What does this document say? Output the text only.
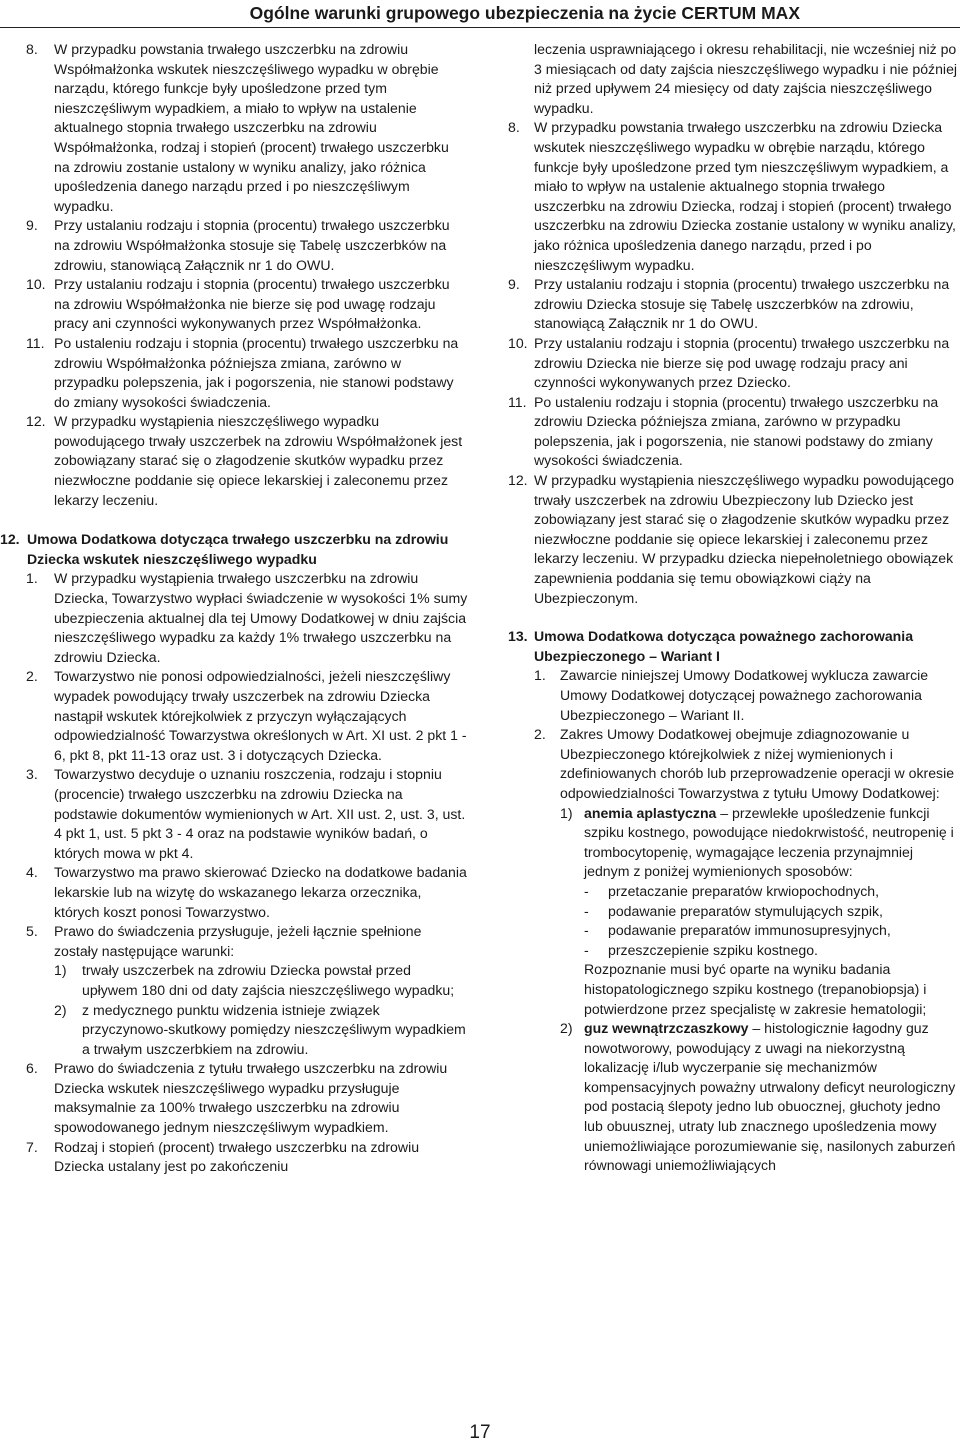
Ogólne warunki grupowego ubezpieczenia na życie CERTUM MAX
8.	W przypadku powstania trwałego uszczerbku na zdrowiu Współmałżonka wskutek nieszczęśliwego wypadku w obrębie narządu, którego funkcje były upośledzone przed tym nieszczęśliwym wypadkiem, a miało to wpływ na ustalenie aktualnego stopnia trwałego uszczerbku na zdrowiu Współmałżonka, rodzaj i stopień (procent) trwałego uszczerbku na zdrowiu zostanie ustalony w wyniku analizy, jako różnica upośledzenia danego narządu przed i po nieszczęśliwym wypadku.
9.	Przy ustalaniu rodzaju i stopnia (procentu) trwałego uszczerbku na zdrowiu Współmałżonka stosuje się Tabelę uszczerbków na zdrowiu, stanowiącą Załącznik nr 1 do OWU.
10. Przy ustalaniu rodzaju i stopnia (procentu) trwałego uszczerbku na zdrowiu Współmałżonka nie bierze się pod uwagę rodzaju pracy ani czynności wykonywanych przez Współmałżonka.
11. Po ustaleniu rodzaju i stopnia (procentu) trwałego uszczerbku na zdrowiu Współmałżonka późniejsza zmiana, zarówno w przypadku polepszenia, jak i pogorszenia, nie stanowi podstawy do zmiany wysokości świadczenia.
12. W przypadku wystąpienia nieszczęśliwego wypadku powodującego trwały uszczerbek na zdrowiu Współmałżonek jest zobowiązany starać się o złagodzenie skutków wypadku przez niezwłoczne poddanie się opiece lekarskiej i zaleconemu przez lekarzy leczeniu.
12. Umowa Dodatkowa dotycząca trwałego uszczerbku na zdrowiu Dziecka wskutek nieszczęśliwego wypadku
1.	W przypadku wystąpienia trwałego uszczerbku na zdrowiu Dziecka, Towarzystwo wypłaci świadczenie w wysokości 1% sumy ubezpieczenia aktualnej dla tej Umowy Dodatkowej w dniu zajścia nieszczęśliwego wypadku za każdy 1% trwałego uszczerbku na zdrowiu Dziecka.
2.	Towarzystwo nie ponosi odpowiedzialności, jeżeli nieszczęśliwy wypadek powodujący trwały uszczerbek na zdrowiu Dziecka nastąpił wskutek którejkolwiek z przyczyn wyłączających odpowiedzialność Towarzystwa określonych w Art. XI ust. 2 pkt 1 - 6, pkt 8, pkt 11-13 oraz ust. 3 i dotyczących Dziecka.
3.	Towarzystwo decyduje o uznaniu roszczenia, rodzaju i stopniu (procencie) trwałego uszczerbku na zdrowiu Dziecka na podstawie dokumentów wymienionych w Art. XII ust. 2, ust. 3, ust. 4 pkt 1, ust. 5 pkt 3 - 4 oraz na podstawie wyników badań, o których mowa w pkt 4.
4.	Towarzystwo ma prawo skierować Dziecko na dodatkowe badania lekarskie lub na wizytę do wskazanego lekarza orzecznika, których koszt ponosi Towarzystwo.
5.	Prawo do świadczenia przysługuje, jeżeli łącznie spełnione zostały następujące warunki:
1)	trwały uszczerbek na zdrowiu Dziecka powstał przed upływem 180 dni od daty zajścia nieszczęśliwego wypadku;
2)	z medycznego punktu widzenia istnieje związek przyczynowo-skutkowy pomiędzy nieszczęśliwym wypadkiem a trwałym uszczerbkiem na zdrowiu.
6.	Prawo do świadczenia z tytułu trwałego uszczerbku na zdrowiu Dziecka wskutek nieszczęśliwego wypadku przysługuje maksymalnie za 100% trwałego uszczerbku na zdrowiu spowodowanego jednym nieszczęśliwym wypadkiem.
7.	Rodzaj i stopień (procent) trwałego uszczerbku na zdrowiu Dziecka ustalany jest po zakończeniu
leczenia usprawniającego i okresu rehabilitacji, nie wcześniej niż po 3 miesiącach od daty zajścia nieszczęśliwego wypadku i nie później niż przed upływem 24 miesięcy od daty zajścia nieszczęśliwego wypadku.
8.	W przypadku powstania trwałego uszczerbku na zdrowiu Dziecka wskutek nieszczęśliwego wypadku w obrębie narządu, którego funkcje były upośledzone przed tym nieszczęśliwym wypadkiem, a miało to wpływ na ustalenie aktualnego stopnia trwałego uszczerbku na zdrowiu Dziecka, rodzaj i stopień (procent) trwałego uszczerbku na zdrowiu Dziecka zostanie ustalony w wyniku analizy, jako różnica upośledzenia danego narządu, przed i po nieszczęśliwym wypadku.
9.	Przy ustalaniu rodzaju i stopnia (procentu) trwałego uszczerbku na zdrowiu Dziecka stosuje się Tabelę uszczerbków na zdrowiu, stanowiącą Załącznik nr 1 do OWU.
10. Przy ustalaniu rodzaju i stopnia (procentu) trwałego uszczerbku na zdrowiu Dziecka nie bierze się pod uwagę rodzaju pracy ani czynności wykonywanych przez Dziecko.
11. Po ustaleniu rodzaju i stopnia (procentu) trwałego uszczerbku na zdrowiu Dziecka późniejsza zmiana, zarówno w przypadku polepszenia, jak i pogorszenia, nie stanowi podstawy do zmiany wysokości świadczenia.
12. W przypadku wystąpienia nieszczęśliwego wypadku powodującego trwały uszczerbek na zdrowiu Ubezpieczony lub Dziecko jest zobowiązany jest starać się o złagodzenie skutków wypadku przez niezwłoczne poddanie się opiece lekarskiej i zaleconemu przez lekarzy leczeniu. W przypadku dziecka niepełnoletniego obowiązek zapewnienia poddania się temu obowiązkowi ciąży na Ubezpieczonym.
13. Umowa Dodatkowa dotycząca poważnego zachorowania Ubezpieczonego – Wariant I
1.	Zawarcie niniejszej Umowy Dodatkowej wyklucza zawarcie Umowy Dodatkowej dotyczącej poważnego zachorowania Ubezpieczonego – Wariant II.
2.	Zakres Umowy Dodatkowej obejmuje zdiagnozowanie u Ubezpieczonego którejkolwiek z niżej wymienionych i zdefiniowanych chorób lub przeprowadzenie operacji w okresie odpowiedzialności Towarzystwa z tytułu Umowy Dodatkowej:
1) anemia aplastyczna – przewlekłe upośledzenie funkcji szpiku kostnego, powodujące niedokrwistość, neutropenię i trombocytopenię, wymagające leczenia przynajmniej jednym z poniżej wymienionych sposobów:
-	przetaczanie preparatów krwiopochodnych,
-	podawanie preparatów stymulujących szpik,
-	podawanie preparatów immunosupresyjnych,
-	przeszczepienie szpiku kostnego.
Rozpoznanie musi być oparte na wyniku badania histopatologicznego szpiku kostnego (trepanobiopsja) i potwierdzone przez specjalistę w zakresie hematologii;
2) guz wewnątrzczaszkowy – histologicznie łagodny guz nowotworowy, powodujący z uwagi na niekorzystną lokalizację i/lub wyczerpanie się mechanizmów kompensacyjnych poważny utrwalony deficyt neurologiczny pod postacią ślepoty jedno lub obuocznej, głuchoty jedno lub obuusznej, utraty lub znacznego upośledzenia mowy uniemożliwiające porozumiewanie się, nasilonych zaburzeń równowagi uniemożliwiających
17
